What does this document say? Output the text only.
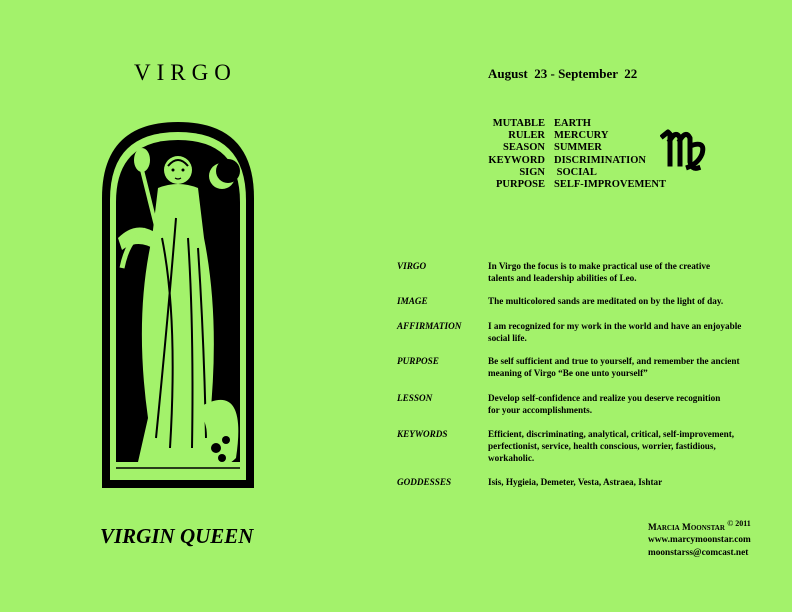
VIRGO
VIRGIN QUEEN
August  23 - September  22
MUTABLE EARTH
RULER MERCURY
SEASON SUMMER
KEYWORD DISCRIMINATION
SIGN SOCIAL
PURPOSE SELF-IMPROVEMENT
VIRGO	In Virgo the focus is to make practical use of the creative
talents and leadership abilities of Leo.
IMAGE	The multicolored sands are meditated on by the light of day.
AFFIRMATION	I am recognized for my work in the world and have an enjoyable
social life.
PURPOSE	Be self sufficient and true to yourself, and remember the ancient
meaning of Virgo “Be one unto yourself”
LESSON	Develop self-confidence and realize you deserve recognition
for your accomplishments.
KEYWORDS	Efficient, discriminating, analytical, critical, self-improvement,
perfectionist, service, health conscious, worrier, fastidious,
workaholic.
GODDESSES	Isis, Hygieia, Demeter, Vesta, Astraea, Ishtar
Marcia Moonstar $^{© 2011}$
www.marcymoonstar.com
moonstarss@comcast.net
